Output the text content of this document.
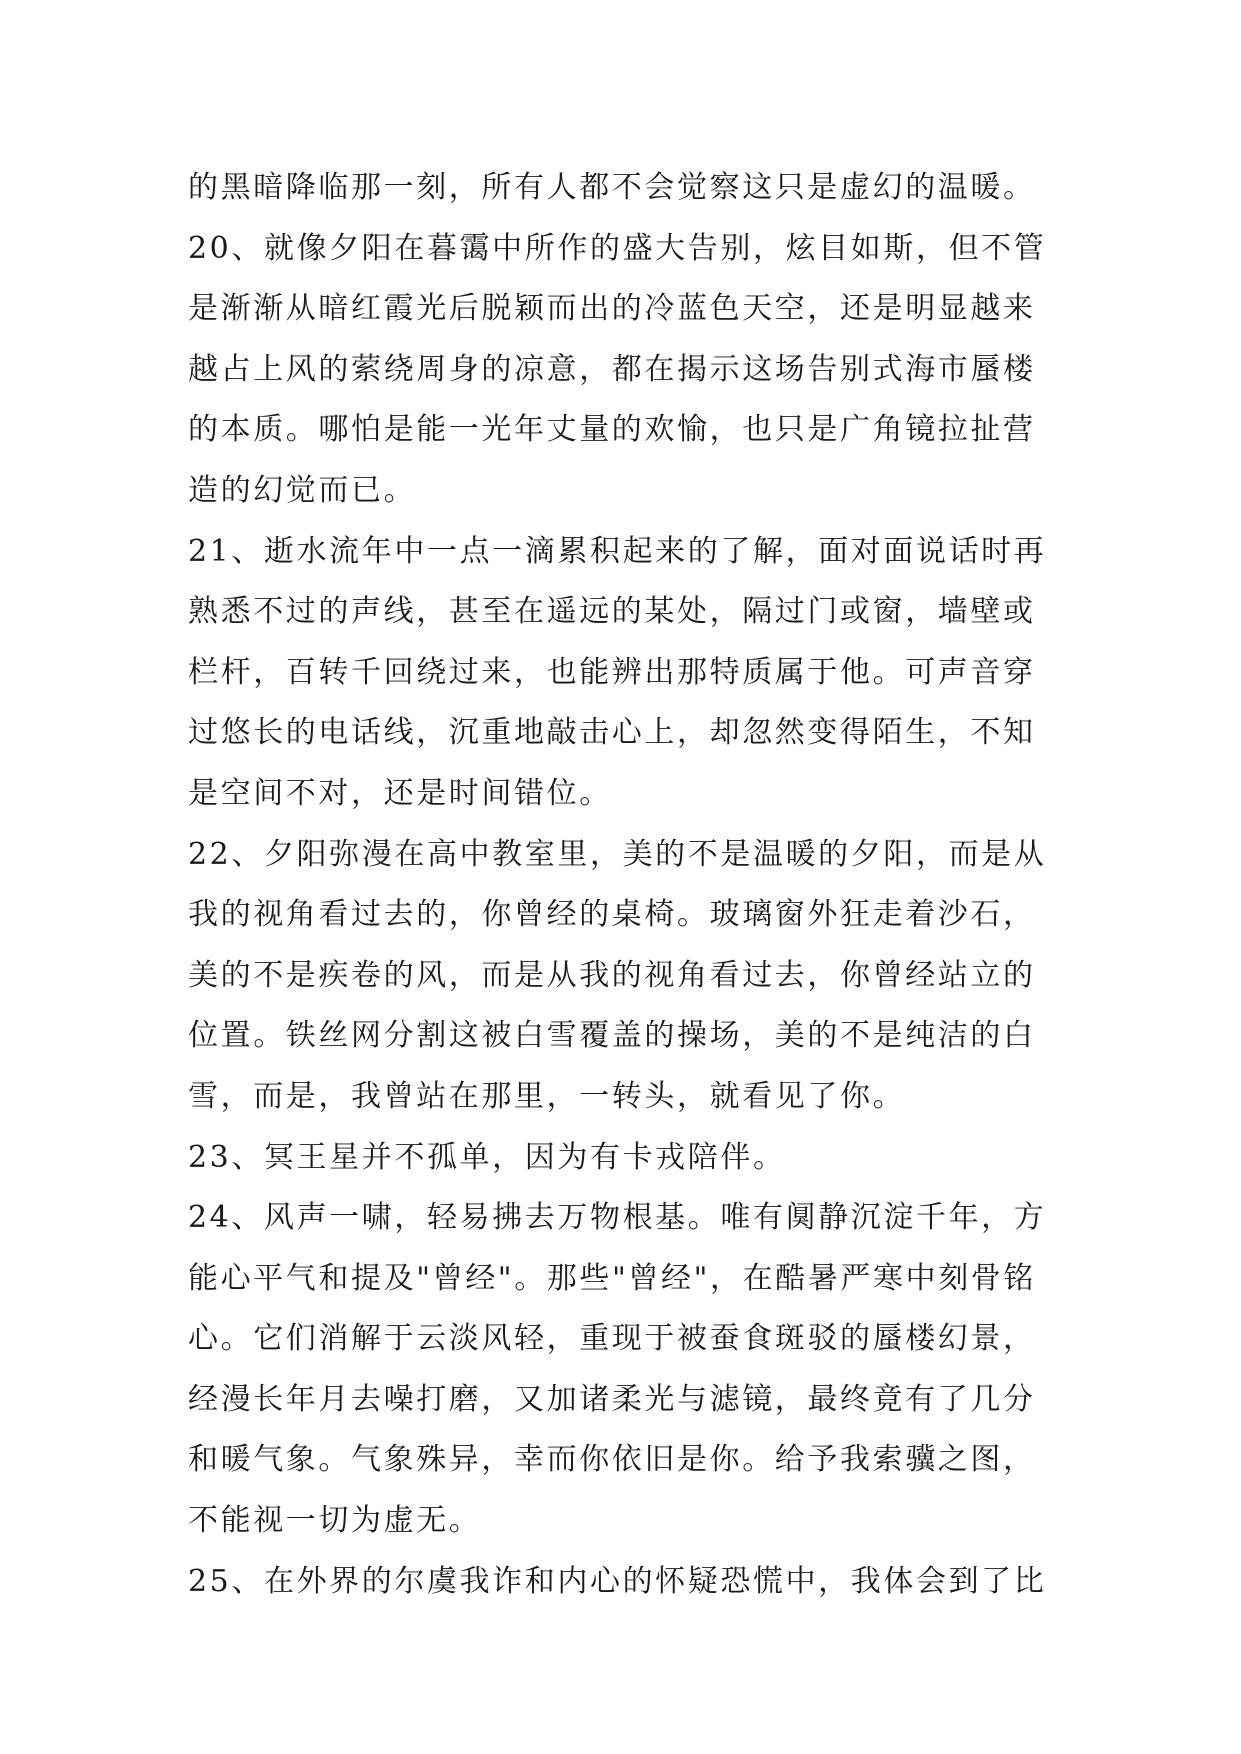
的黑暗降临那一刻，所有人都不会觉察这只是虚幻的温暖。
20、就像夕阳在暮霭中所作的盛大告别，炫目如斯，但不管
是渐渐从暗红霞光后脱颖而出的冷蓝色天空，还是明显越来
越占上风的萦绕周身的凉意，都在揭示这场告别式海市蜃楼
的本质。哪怕是能一光年丈量的欢愉，也只是广角镜拉扯营
造的幻觉而已。
21、逝水流年中一点一滴累积起来的了解，面对面说话时再
熟悉不过的声线，甚至在遥远的某处，隔过门或窗，墙壁或
栏杆，百转千回绕过来，也能辨出那特质属于他。可声音穿
过悠长的电话线，沉重地敲击心上，却忽然变得陌生，不知
是空间不对，还是时间错位。
22、夕阳弥漫在高中教室里，美的不是温暖的夕阳，而是从
我的视角看过去的，你曾经的桌椅。玻璃窗外狂走着沙石，
美的不是疾卷的风，而是从我的视角看过去，你曾经站立的
位置。铁丝网分割这被白雪覆盖的操场，美的不是纯洁的白
雪，而是，我曾站在那里，一转头，就看见了你。
23、冥王星并不孤单，因为有卡戎陪伴。
24、风声一啸，轻易拂去万物根基。唯有阒静沉淀千年，方
能心平气和提及"曾经"。那些"曾经"，在酷暑严寒中刻骨铭
心。它们消解于云淡风轻，重现于被蚕食斑驳的蜃楼幻景，
经漫长年月去噪打磨，又加诸柔光与滤镜，最终竟有了几分
和暖气象。气象殊异，幸而你依旧是你。给予我索骥之图，
不能视一切为虚无。
25、在外界的尔虞我诈和内心的怀疑恐慌中，我体会到了比
